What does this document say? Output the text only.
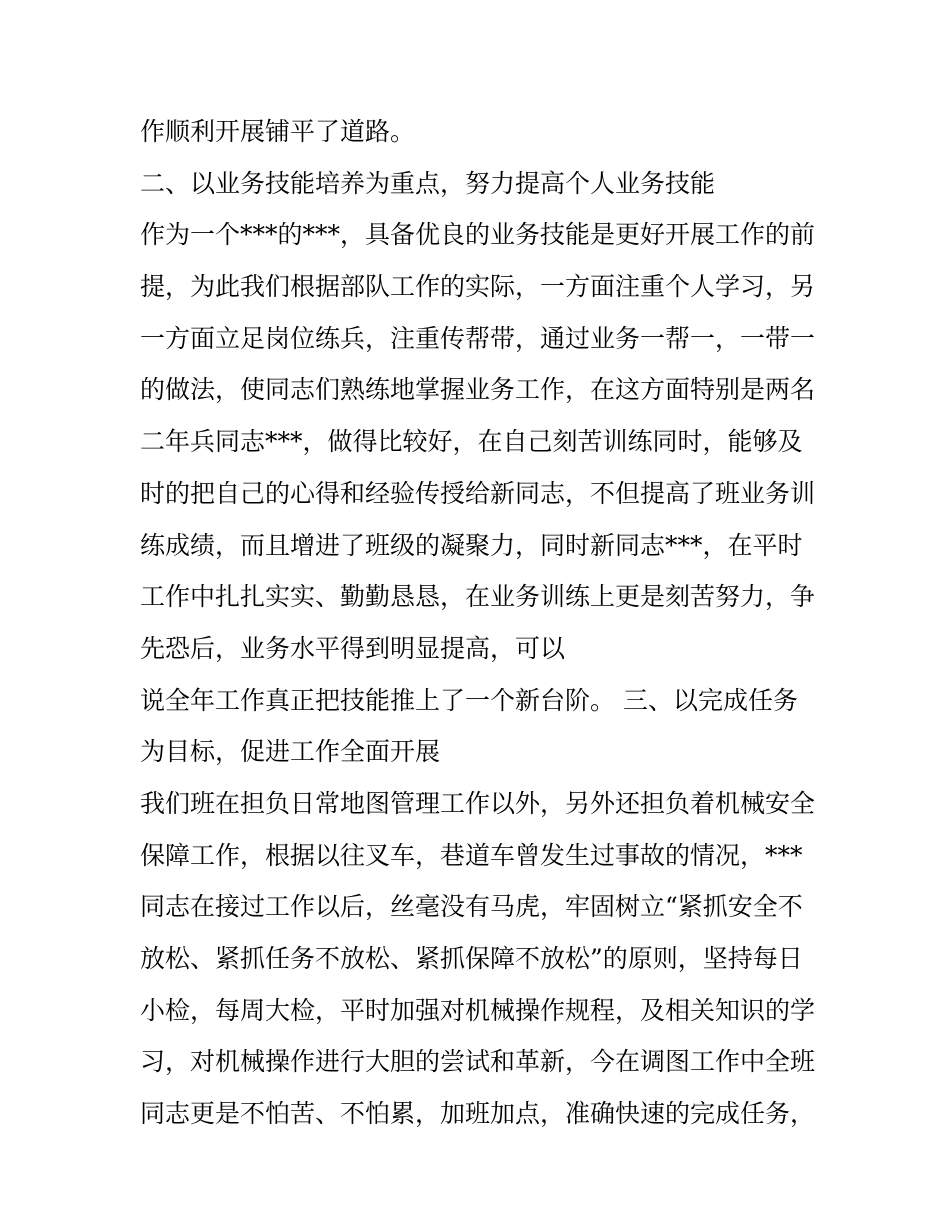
作顺利开展铺平了道路。
二、以业务技能培养为重点，努力提高个人业务技能
作为一个***的***，具备优良的业务技能是更好开展工作的前
提，为此我们根据部队工作的实际，一方面注重个人学习，另
一方面立足岗位练兵，注重传帮带，通过业务一帮一，一带一
的做法，使同志们熟练地掌握业务工作，在这方面特别是两名
二年兵同志***，做得比较好，在自己刻苦训练同时，能够及
时的把自己的心得和经验传授给新同志，不但提高了班业务训
练成绩，而且增进了班级的凝聚力，同时新同志***，在平时
工作中扎扎实实、勤勤恳恳，在业务训练上更是刻苦努力，争
先恐后，业务水平得到明显提高，可以
说全年工作真正把技能推上了一个新台阶。 三、以完成任务
为目标，促进工作全面开展
我们班在担负日常地图管理工作以外，另外还担负着机械安全
保障工作，根据以往叉车，巷道车曾发生过事故的情况，***
同志在接过工作以后，丝毫没有马虎，牢固树立“紧抓安全不
放松、紧抓任务不放松、紧抓保障不放松”的原则，坚持每日
小检，每周大检，平时加强对机械操作规程，及相关知识的学
习，对机械操作进行大胆的尝试和革新，今在调图工作中全班
同志更是不怕苦、不怕累，加班加点，准确快速的完成任务，
